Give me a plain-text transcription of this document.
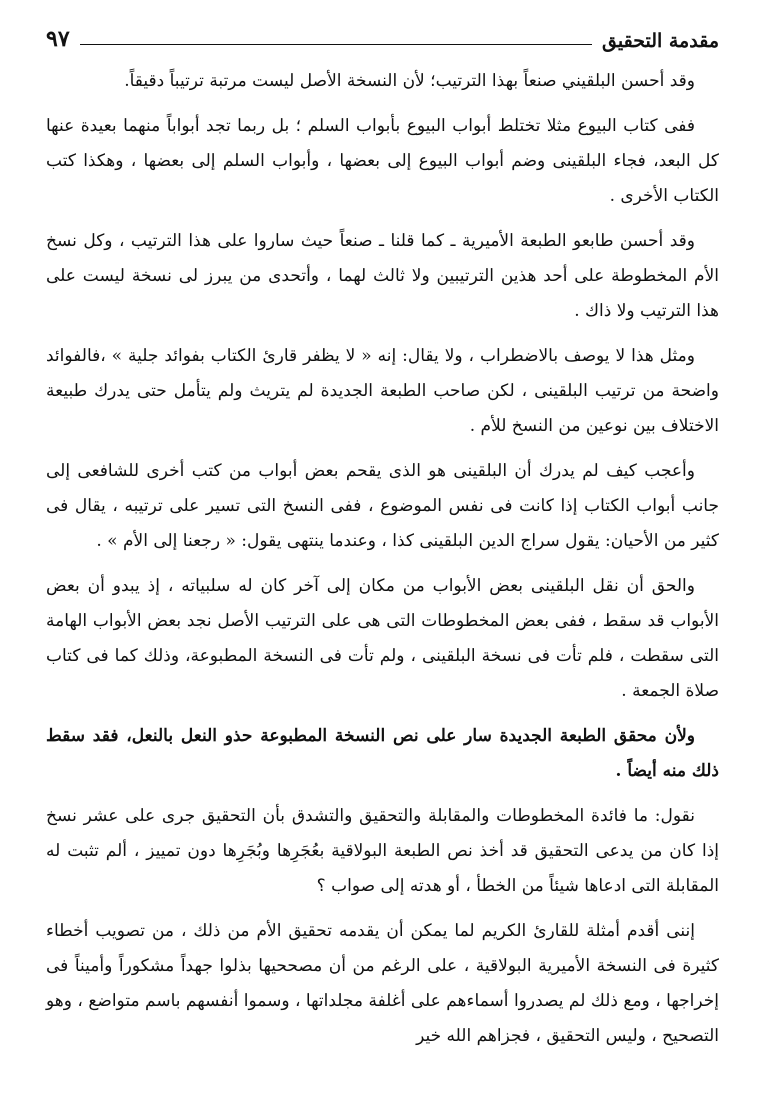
مقدمة التحقيق
٩٧

وقد أحسن البلقيني صنعاً بهذا الترتيب؛ لأن النسخة الأصل ليست مرتبة ترتيباً دقيقاً.

ففى كتاب البيوع مثلا تختلط أبواب البيوع بأبواب السلم ؛ بل ربما تجد أبواباً منهما بعيدة عنها كل البعد، فجاء البلقينى وضم أبواب البيوع إلى بعضها ، وأبواب السلم إلى بعضها ، وهكذا كتب الكتاب الأخرى .

وقد أحسن طابعو الطبعة الأميرية ـ كما قلنا ـ صنعاً حيث ساروا على هذا الترتيب ، وكل نسخ الأم المخطوطة على أحد هذين الترتيبين ولا ثالث لهما ، وأتحدى من يبرز لى نسخة ليست على هذا الترتيب ولا ذاك .

ومثل هذا لا يوصف بالاضطراب ، ولا يقال: إنه « لا يظفر قارئ الكتاب بفوائد جلية » ،فالفوائد واضحة من ترتيب البلقينى ، لكن صاحب الطبعة الجديدة لم يتريث ولم يتأمل حتى يدرك طبيعة الاختلاف بين نوعين من النسخ للأم .

وأعجب كيف لم يدرك أن البلقينى هو الذى يقحم بعض أبواب من كتب أخرى للشافعى إلى جانب أبواب الكتاب إذا كانت فى نفس الموضوع ، ففى النسخ التى تسير على ترتيبه ، يقال فى كثير من الأحيان: يقول سراج الدين البلقينى كذا ، وعندما ينتهى يقول: « رجعنا إلى الأم » .

والحق أن نقل البلقينى بعض الأبواب من مكان إلى آخر كان له سلبياته ، إذ يبدو أن بعض الأبواب قد سقط ، ففى بعض المخطوطات التى هى على الترتيب الأصل نجد بعض الأبواب الهامة التى سقطت ، فلم تأت فى نسخة البلقينى ، ولم تأت فى النسخة المطبوعة، وذلك كما فى كتاب صلاة الجمعة .

ولأن محقق الطبعة الجديدة سار على نص النسخة المطبوعة حذو النعل بالنعل، فقد سقط ذلك منه أيضاً .

نقول: ما فائدة المخطوطات والمقابلة والتحقيق والتشدق بأن التحقيق جرى على عشر نسخ إذا كان من يدعى التحقيق قد أخذ نص الطبعة البولاقية بعُجَرِها وبُجَرِها دون تمييز ، ألم تثبت له المقابلة التى ادعاها شيئاً من الخطأ ، أو هدته إلى صواب ؟

إننى أقدم أمثلة للقارئ الكريم لما يمكن أن يقدمه تحقيق الأم من ذلك ، من تصويب أخطاء كثيرة فى النسخة الأميرية البولاقية ، على الرغم من أن مصححيها بذلوا جهداً مشكوراً وأميناً فى إخراجها ، ومع ذلك لم يصدروا أسماءهم على أغلفة مجلداتها ، وسموا أنفسهم باسم متواضع ، وهو التصحيح ، وليس التحقيق ، فجزاهم الله خير
